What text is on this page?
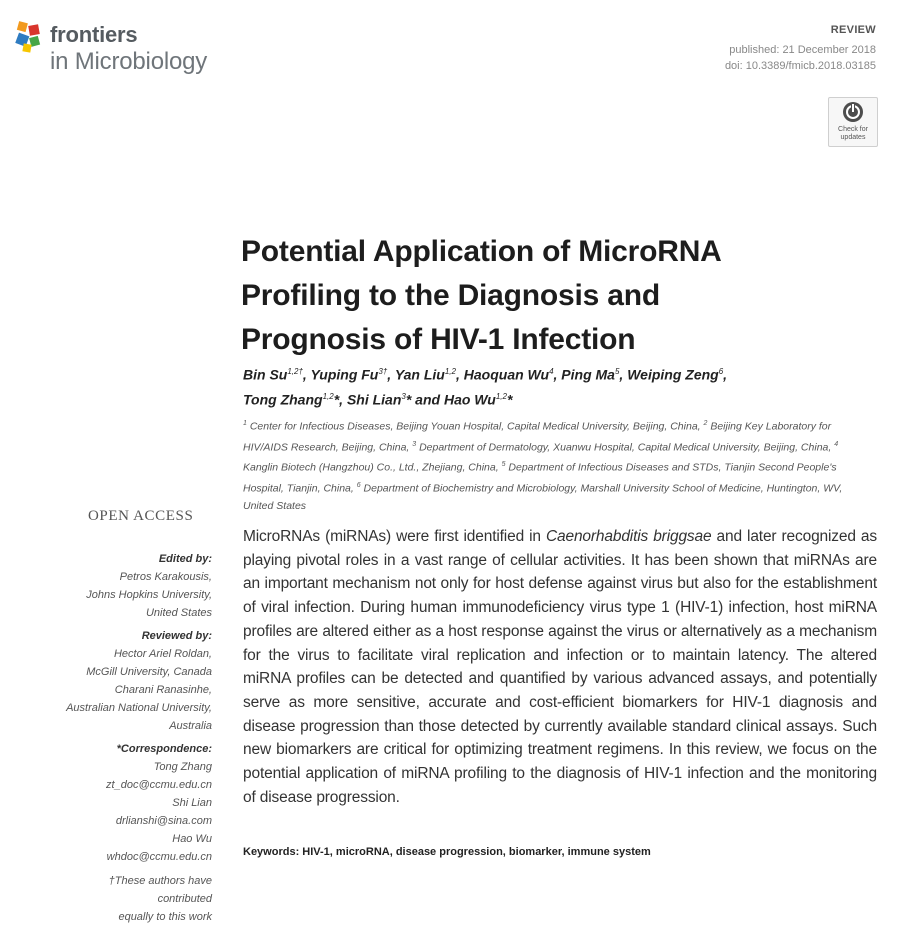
frontiers
in Microbiology
REVIEW
published: 21 December 2018
doi: 10.3389/fmicb.2018.03185
Check for
updates
Potential Application of MicroRNA
Profiling to the Diagnosis and
Prognosis of HIV-1 Infection
Bin $Su^{1,2\dagger}$, Yuping $Fu^{3\dagger}$, Yan Liu$^{1,2}$, Haoquan Wu$^4$, Ping Ma$^5$, Weiping Zeng$^6$,
Tong Zhang$^{1,2}$*, Shi Lian$^3$* and Hao Wu$^{1,2}$*
$^1$ Center for Infectious Diseases, Beijing Youan Hospital, Capital Medical University, Beijing, China, $^2$ Beijing Key Laboratory for HIV/AIDS Research, Beijing, China, $^3$ Department of Dermatology, Xuanwu Hospital, Capital Medical University, Beijing, China, $^4$ Kanglin Biotech (Hangzhou) Co., Ltd., Zhejiang, China, $^5$ Department of Infectious Diseases and STDs, Tianjin Second People's Hospital, Tianjin, China, $^6$ Department of Biochemistry and Microbiology, Marshall University School of Medicine, Huntington, WV, United States
OPEN ACCESS
Edited by:
Petros Karakousis,
Johns Hopkins University,
United States
Reviewed by:
Hector Ariel Roldan,
McGill University, Canada
Charani Ranasinhe,
Australian National University,
Australia
*Correspondence:
Tong Zhang
zt_doc@ccmu.edu.cn
Shi Lian
drlianshi@sina.com
Hao Wu
whdoc@ccmu.edu.cn
†These authors have contributed
equally to this work
MicroRNAs (miRNAs) were first identified in Caenorhabditis briggsae and later recognized as playing pivotal roles in a vast range of cellular activities. It has been shown that miRNAs are an important mechanism not only for host defense against virus but also for the establishment of viral infection. During human immunodeficiency virus type 1 (HIV-1) infection, host miRNA profiles are altered either as a host response against the virus or alternatively as a mechanism for the virus to facilitate viral replication and infection or to maintain latency. The altered miRNA profiles can be detected and quantified by various advanced assays, and potentially serve as more sensitive, accurate and cost-efficient biomarkers for HIV-1 diagnosis and disease progression than those detected by currently available standard clinical assays. Such new biomarkers are critical for optimizing treatment regimens. In this review, we focus on the potential application of miRNA profiling to the diagnosis of HIV-1 infection and the monitoring of disease progression.
Keywords: HIV-1, microRNA, disease progression, biomarker, immune system
